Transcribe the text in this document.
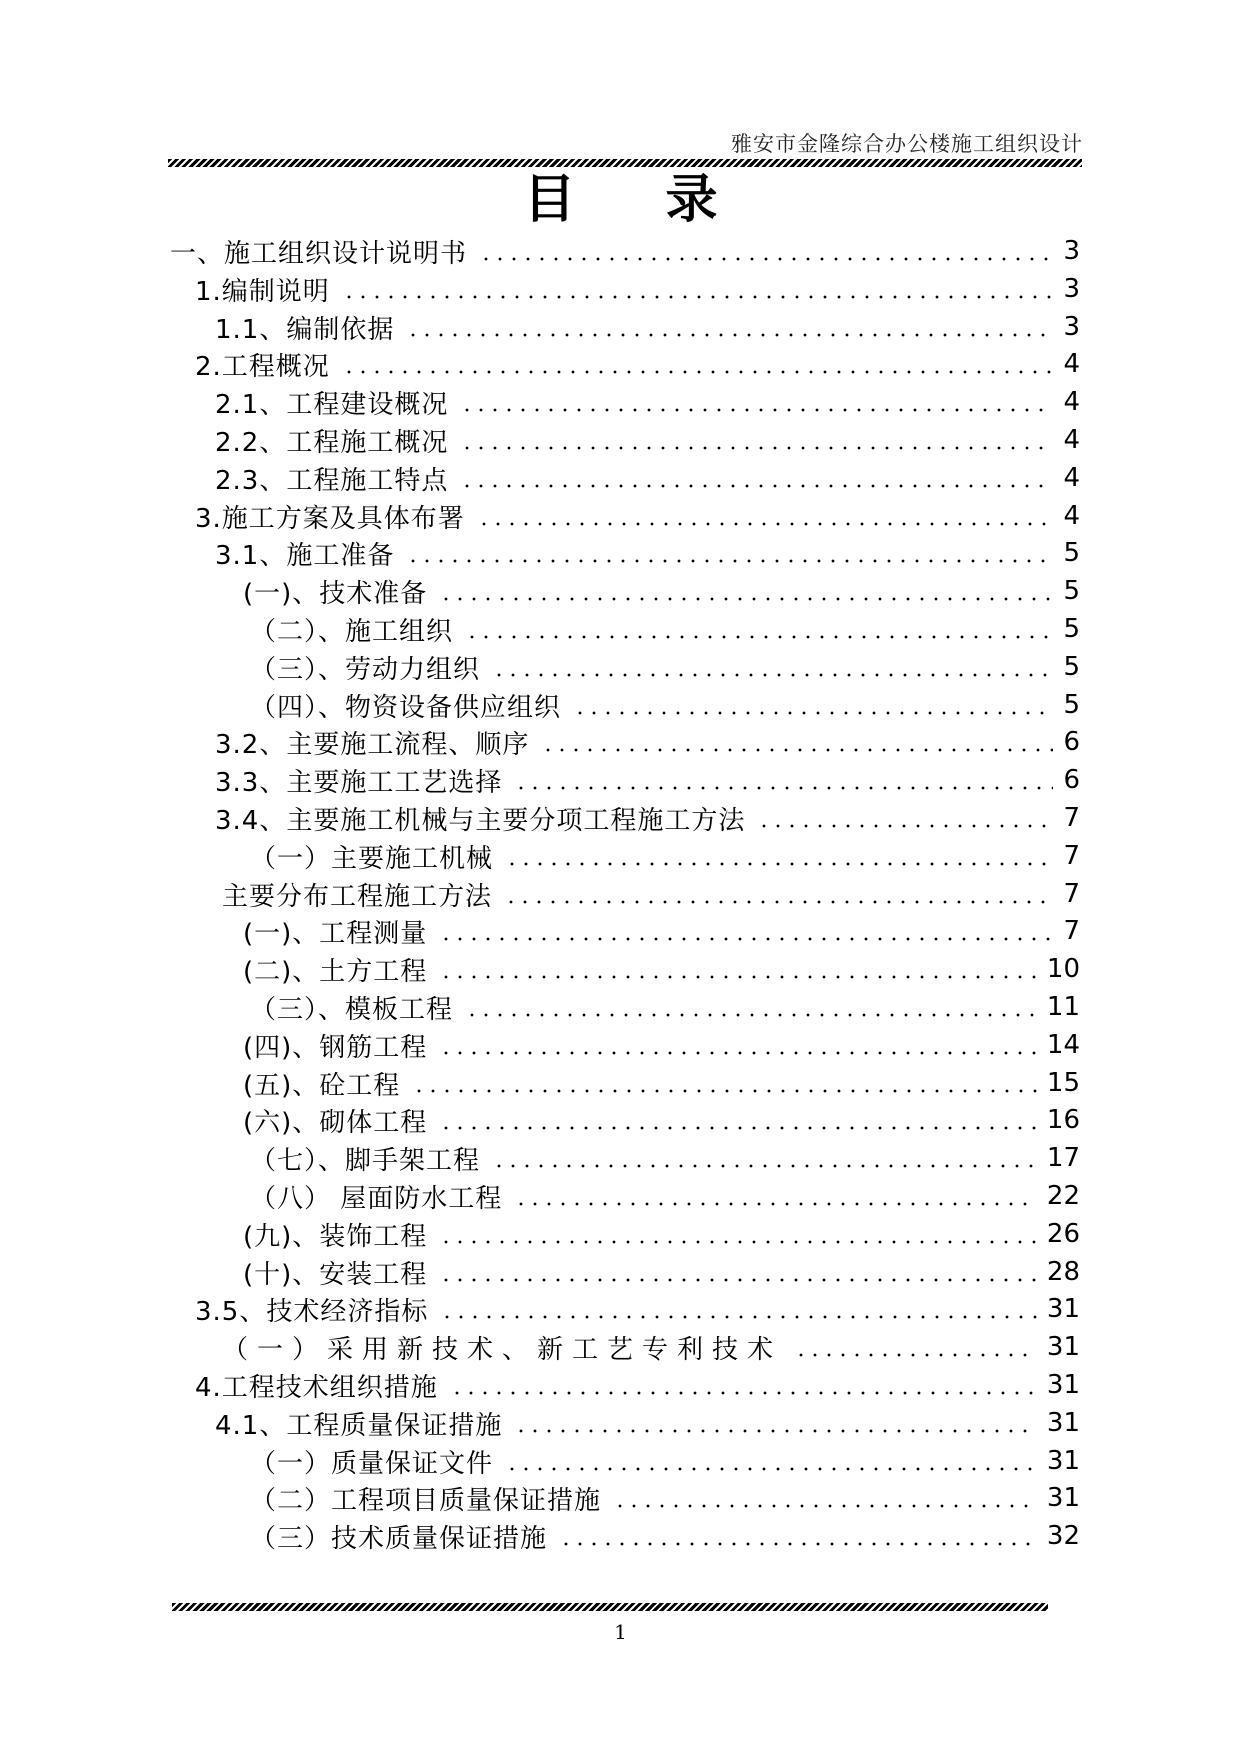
雅安市金隆综合办公楼施工组织设计
目录
一、施工组织设计说明书	3
1.编制说明	3
1.1、编制依据	3
2.工程概况	4
2.1、工程建设概况	4
2.2、工程施工概况	4
2.3、工程施工特点	4
3.施工方案及具体布署	4
3.1、施工准备	5
(一)、技术准备	5
（二）、施工组织	5
（三）、劳动力组织	5
（四）、物资设备供应组织	5
3.2、主要施工流程、顺序	6
3.3、主要施工工艺选择	6
3.4、主要施工机械与主要分项工程施工方法	7
（一）主要施工机械	7
主要分布工程施工方法	7
(一)、工程测量	7
(二)、土方工程	10
（三）、模板工程	11
(四)、钢筋工程	14
(五)、砼工程	15
(六)、砌体工程	16
（七）、脚手架工程	17
（八） 屋面防水工程	22
(九)、装饰工程	26
(十)、安装工程	28
3.5、技术经济指标	31
（一）采用新技术、新工艺专利技术	31
4.工程技术组织措施	31
4.1、工程质量保证措施	31
（一）质量保证文件	31
（二）工程项目质量保证措施	31
（三）技术质量保证措施	32
1
